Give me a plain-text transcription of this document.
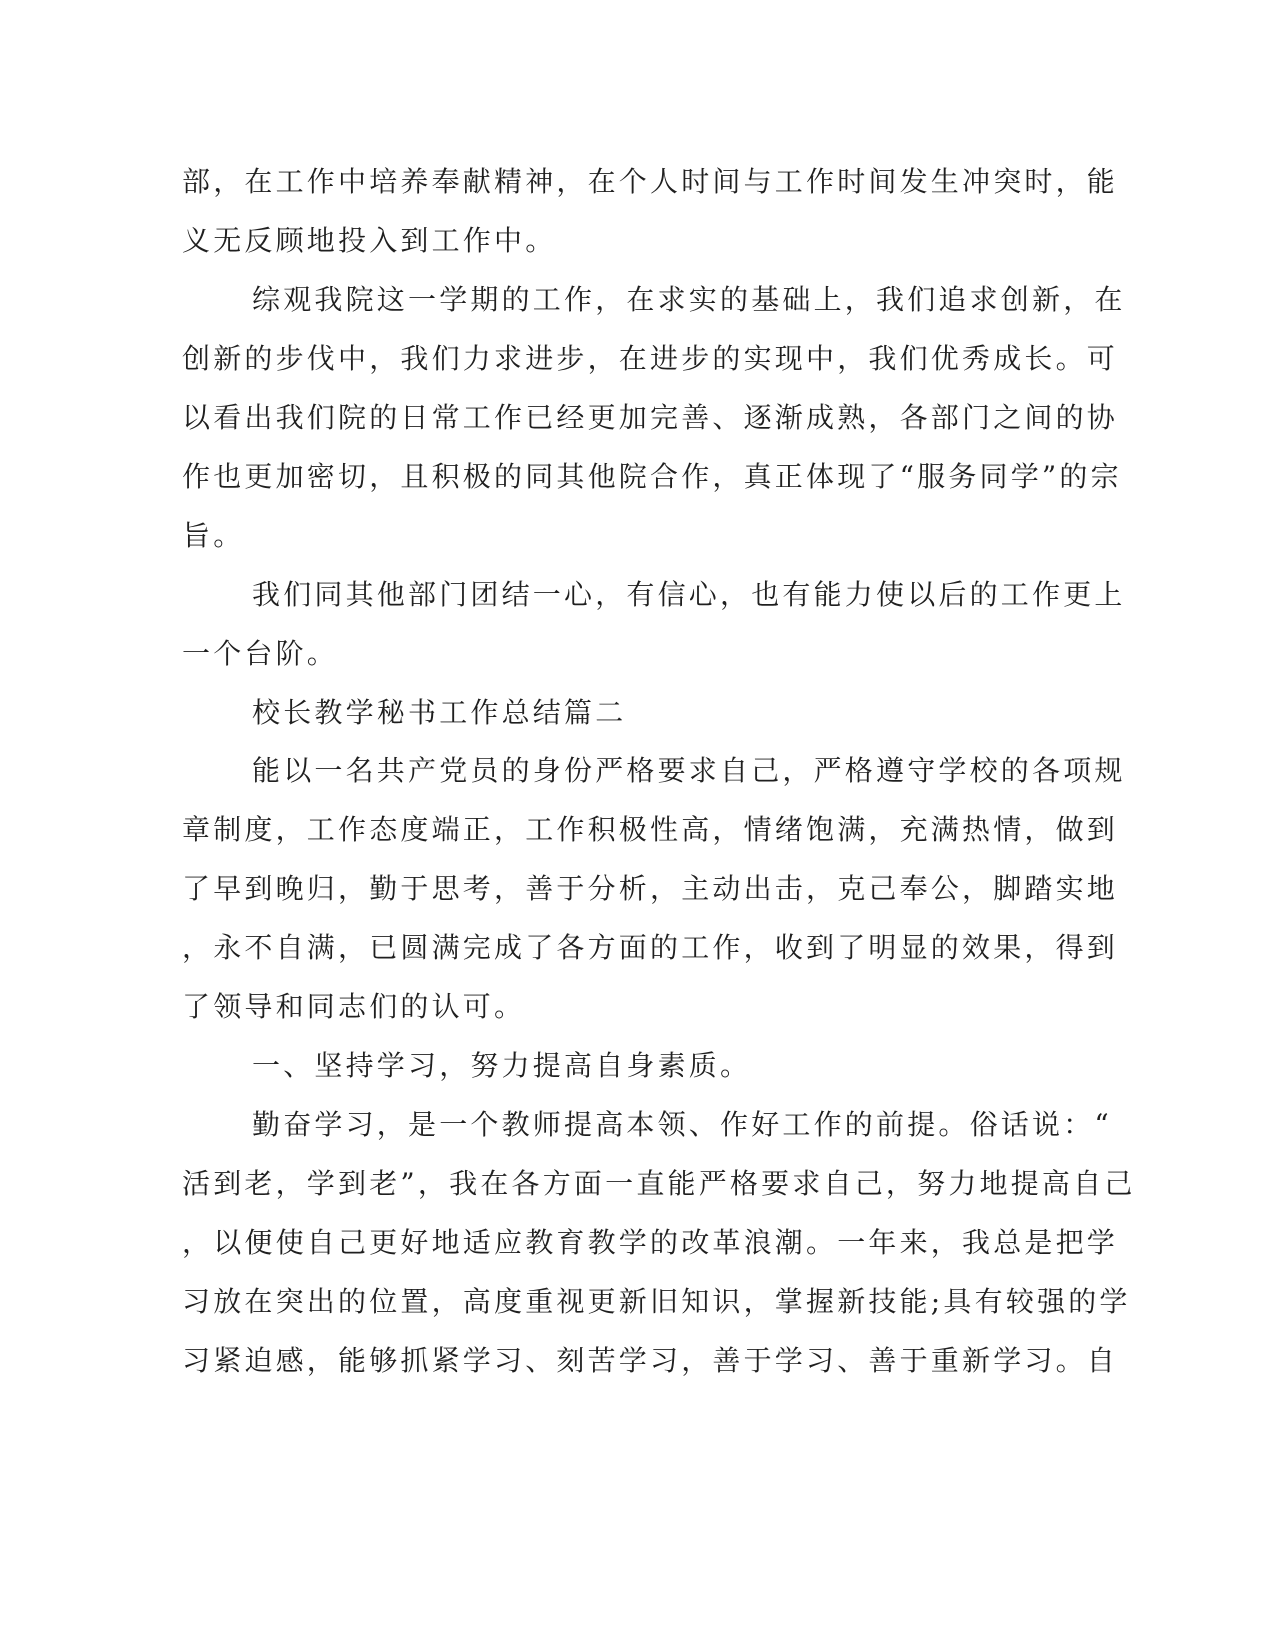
部，在工作中培养奉献精神，在个人时间与工作时间发生冲突时，能
义无反顾地投入到工作中。
综观我院这一学期的工作，在求实的基础上，我们追求创新，在
创新的步伐中，我们力求进步，在进步的实现中，我们优秀成长。可
以看出我们院的日常工作已经更加完善、逐渐成熟，各部门之间的协
作也更加密切，且积极的同其他院合作，真正体现了“服务同学”的宗
旨。
我们同其他部门团结一心，有信心，也有能力使以后的工作更上
一个台阶。
校长教学秘书工作总结篇二
能以一名共产党员的身份严格要求自己，严格遵守学校的各项规
章制度，工作态度端正，工作积极性高，情绪饱满，充满热情，做到
了早到晚归，勤于思考，善于分析，主动出击，克己奉公，脚踏实地
，永不自满，已圆满完成了各方面的工作，收到了明显的效果，得到
了领导和同志们的认可。
一、坚持学习，努力提高自身素质。
勤奋学习，是一个教师提高本领、作好工作的前提。俗话说：“
活到老，学到老”，我在各方面一直能严格要求自己，努力地提高自己
，以便使自己更好地适应教育教学的改革浪潮。一年来，我总是把学
习放在突出的位置，高度重视更新旧知识，掌握新技能;具有较强的学
习紧迫感，能够抓紧学习、刻苦学习，善于学习、善于重新学习。自
